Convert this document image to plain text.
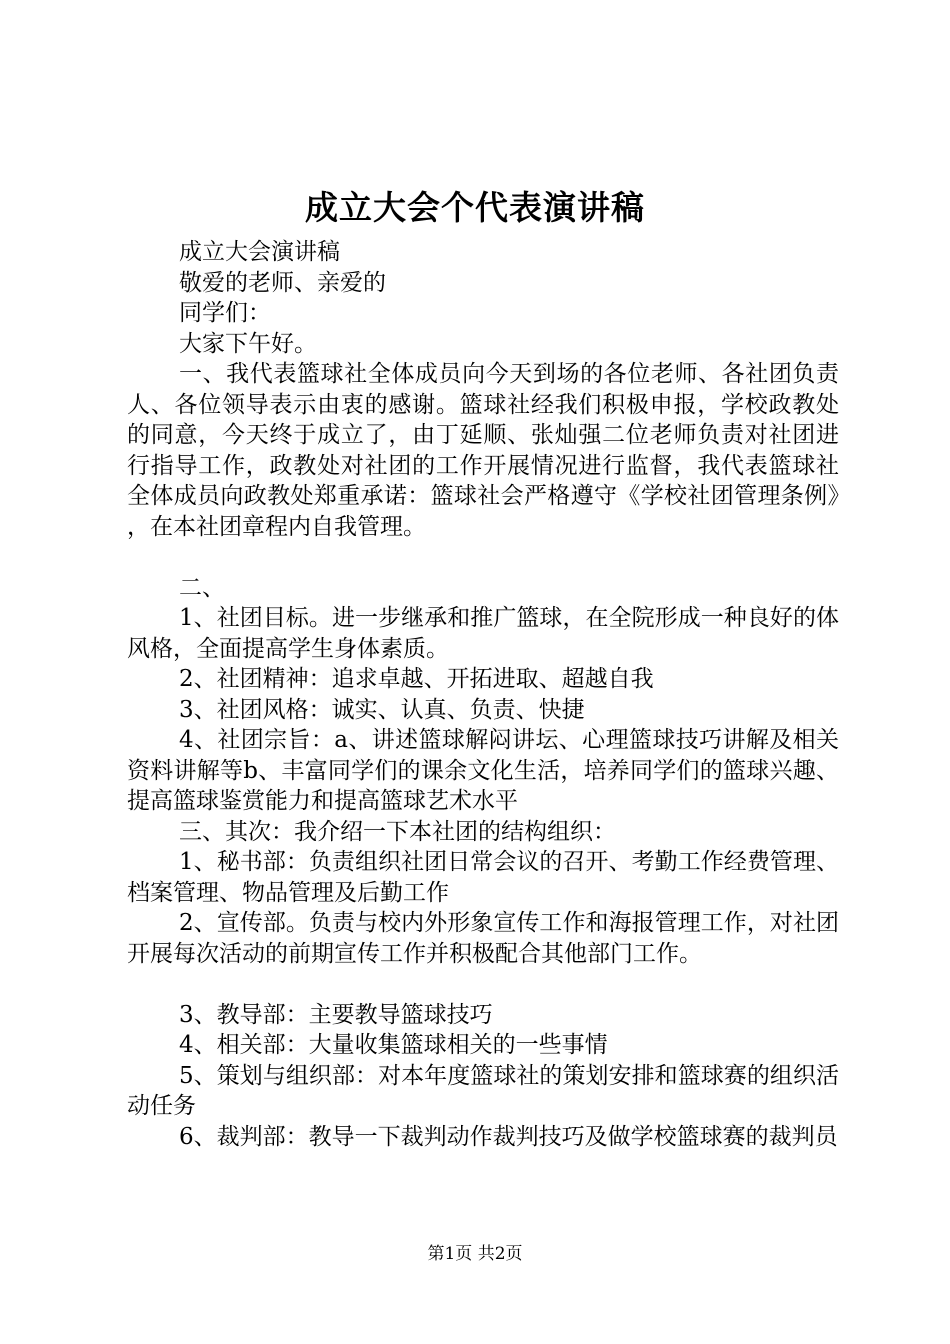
成立大会个代表演讲稿

成立大会演讲稿

敬爱的老师、亲爱的

同学们：

大家下午好。

一、我代表篮球社全体成员向今天到场的各位老师、各社团负责人、各位领导表示由衷的感谢。篮球社经我们积极申报，学校政教处的同意，今天终于成立了，由丁延顺、张灿强二位老师负责对社团进行指导工作，政教处对社团的工作开展情况进行监督，我代表篮球社全体成员向政教处郑重承诺：篮球社会严格遵守《学校社团管理条例》，在本社团章程内自我管理。

二、

1、社团目标。进一步继承和推广篮球，在全院形成一种良好的体风格，全面提高学生身体素质。

2、社团精神：追求卓越、开拓进取、超越自我

3、社团风格：诚实、认真、负责、快捷

4、社团宗旨：a、讲述篮球解闷讲坛、心理篮球技巧讲解及相关资料讲解等b、丰富同学们的课余文化生活，培养同学们的篮球兴趣、提高篮球鉴赏能力和提高篮球艺术水平

三、其次：我介绍一下本社团的结构组织：

1、秘书部：负责组织社团日常会议的召开、考勤工作经费管理、档案管理、物品管理及后勤工作

2、宣传部。负责与校内外形象宣传工作和海报管理工作，对社团开展每次活动的前期宣传工作并积极配合其他部门工作。

3、教导部：主要教导篮球技巧

4、相关部：大量收集篮球相关的一些事情

5、策划与组织部：对本年度篮球社的策划安排和篮球赛的组织活动任务

6、裁判部：教导一下裁判动作裁判技巧及做学校篮球赛的裁判员

第1页 共2页
